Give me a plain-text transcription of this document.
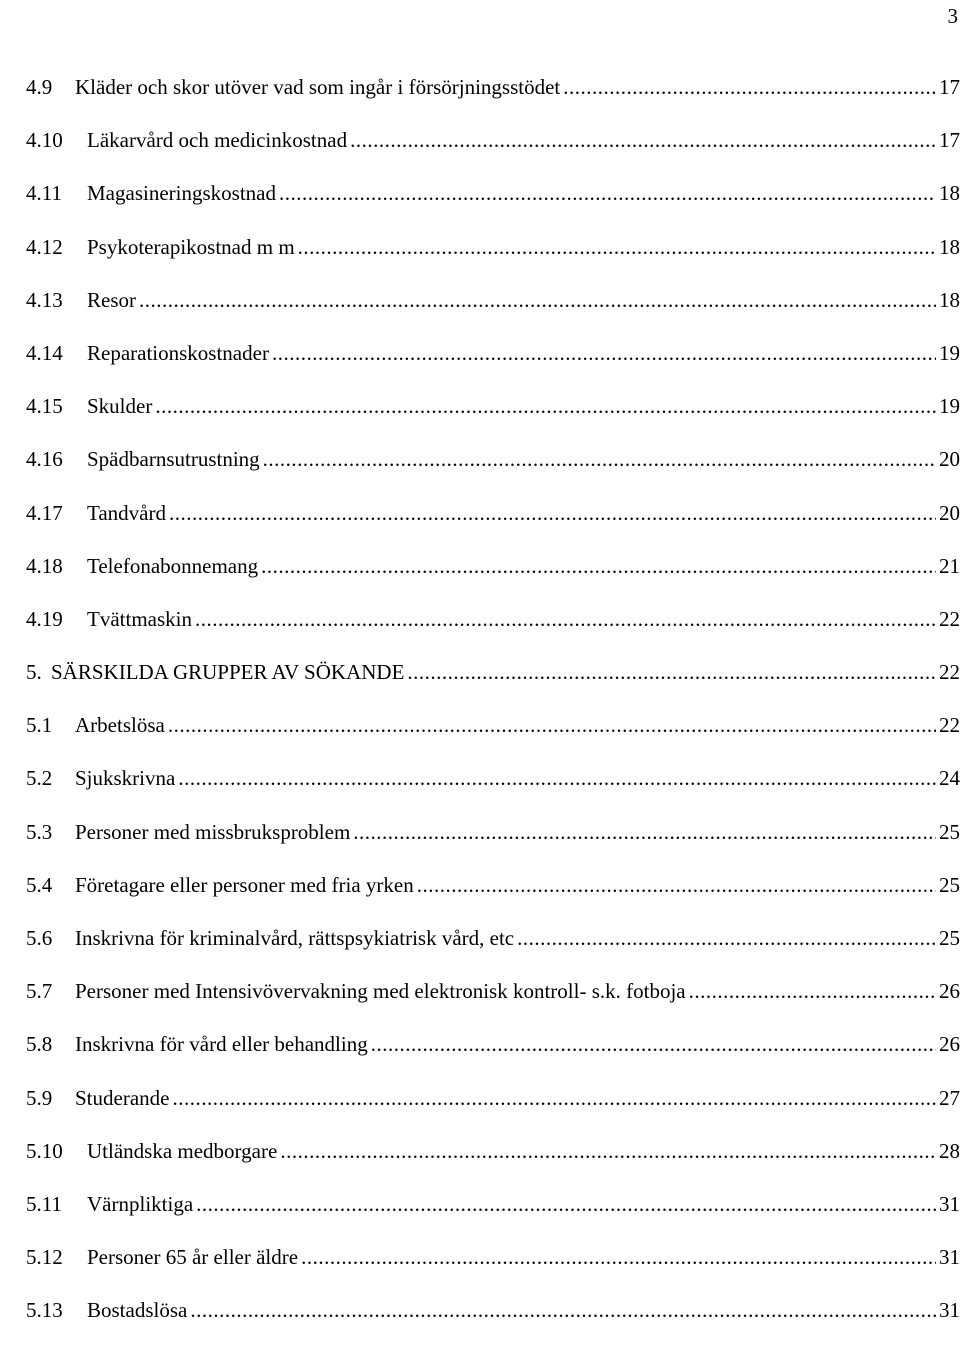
3
4.9	Kläder och skor utöver vad som ingår i försörjningsstödet .....	17
4.10	Läkarvård och medicinkostnad .....	17
4.11	Magasineringskostnad .....	18
4.12	Psykoterapikostnad m m .....	18
4.13	Resor .....	18
4.14	Reparationskostnader .....	19
4.15	Skulder .....	19
4.16	Spädbarnsutrustning .....	20
4.17	Tandvård .....	20
4.18	Telefonabonnemang .....	21
4.19	Tvättmaskin .....	22
5. SÄRSKILDA GRUPPER AV SÖKANDE .....	22
5.1	Arbetslösa .....	22
5.2	Sjukskrivna .....	24
5.3	Personer med missbruksproblem .....	25
5.4	Företagare eller personer med fria yrken .....	25
5.6	Inskrivna för kriminalvård, rättspsykiatrisk vård, etc .....	25
5.7	Personer med Intensivövervakning med elektronisk kontroll- s.k. fotboja .....	26
5.8	Inskrivna för vård eller behandling .....	26
5.9	Studerande .....	27
5.10	Utländska medborgare .....	28
5.11	Värnpliktiga .....	31
5.12	Personer 65 år eller äldre .....	31
5.13	Bostadslösa .....	31
